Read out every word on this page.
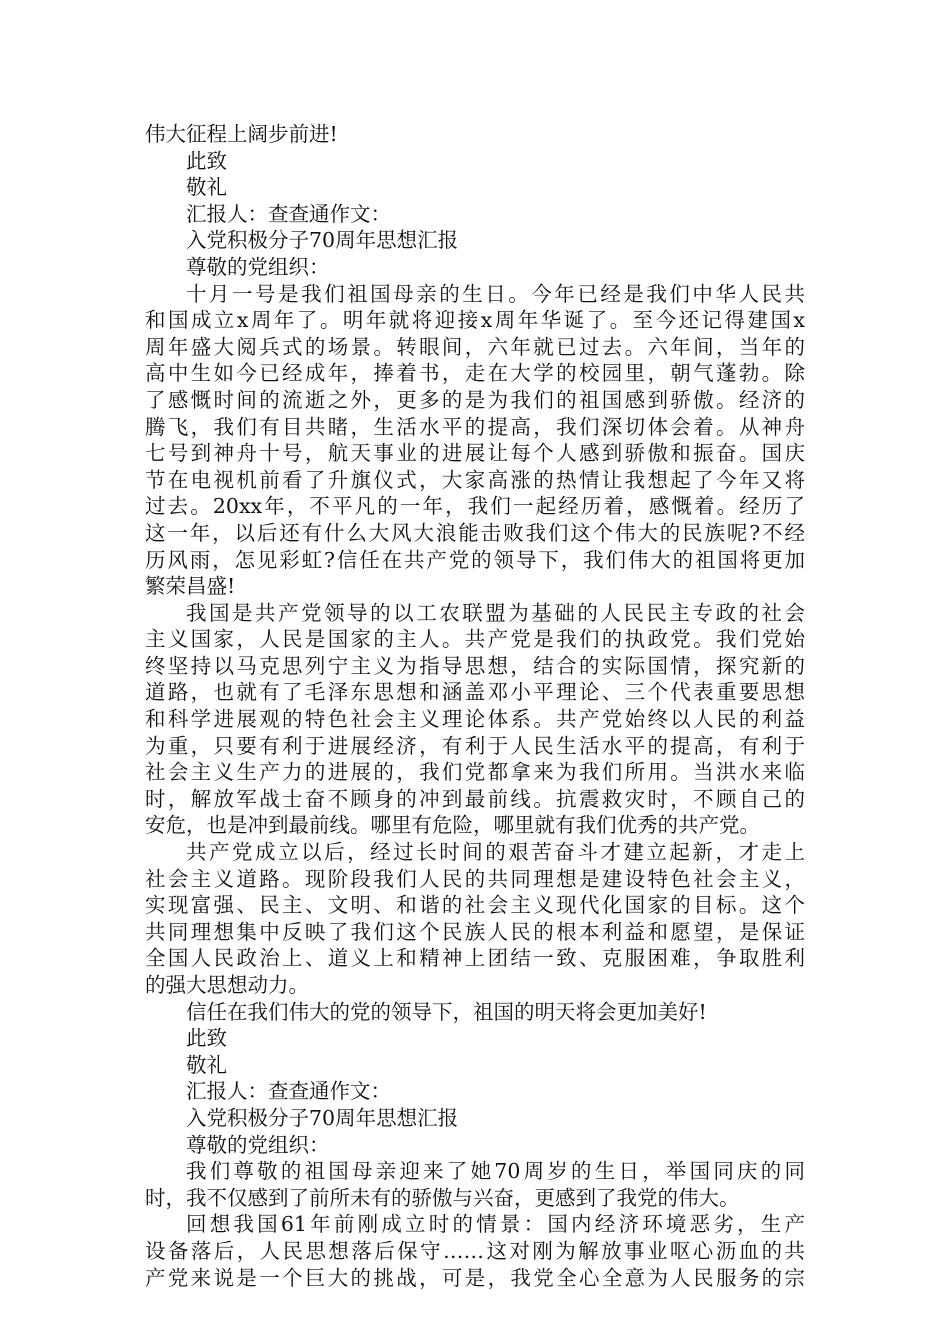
伟大征程上阔步前进!
此致
敬礼
汇报人：查查通作文：
入党积极分子70周年思想汇报
尊敬的党组织：
十月一号是我们祖国母亲的生日。今年已经是我们中华人民共
和国成立x周年了。明年就将迎接x周年华诞了。至今还记得建国x
周年盛大阅兵式的场景。转眼间，六年就已过去。六年间，当年的
高中生如今已经成年，捧着书，走在大学的校园里，朝气蓬勃。除
了感慨时间的流逝之外，更多的是为我们的祖国感到骄傲。经济的
腾飞，我们有目共睹，生活水平的提高，我们深切体会着。从神舟
七号到神舟十号，航天事业的进展让每个人感到骄傲和振奋。国庆
节在电视机前看了升旗仪式，大家高涨的热情让我想起了今年又将
过去。20xx年，不平凡的一年，我们一起经历着，感慨着。经历了
这一年，以后还有什么大风大浪能击败我们这个伟大的民族呢?不经
历风雨，怎见彩虹?信任在共产党的领导下，我们伟大的祖国将更加
繁荣昌盛!
我国是共产党领导的以工农联盟为基础的人民民主专政的社会
主义国家，人民是国家的主人。共产党是我们的执政党。我们党始
终坚持以马克思列宁主义为指导思想，结合的实际国情，探究新的
道路，也就有了毛泽东思想和涵盖邓小平理论、三个代表重要思想
和科学进展观的特色社会主义理论体系。共产党始终以人民的利益
为重，只要有利于进展经济，有利于人民生活水平的提高，有利于
社会主义生产力的进展的，我们党都拿来为我们所用。当洪水来临
时，解放军战士奋不顾身的冲到最前线。抗震救灾时，不顾自己的
安危，也是冲到最前线。哪里有危险，哪里就有我们优秀的共产党。
共产党成立以后，经过长时间的艰苦奋斗才建立起新，才走上
社会主义道路。现阶段我们人民的共同理想是建设特色社会主义，
实现富强、民主、文明、和谐的社会主义现代化国家的目标。这个
共同理想集中反映了我们这个民族人民的根本利益和愿望，是保证
全国人民政治上、道义上和精神上团结一致、克服困难，争取胜利
的强大思想动力。
信任在我们伟大的党的领导下，祖国的明天将会更加美好!
此致
敬礼
汇报人：查查通作文：
入党积极分子70周年思想汇报
尊敬的党组织：
我们尊敬的祖国母亲迎来了她70周岁的生日，举国同庆的同
时，我不仅感到了前所未有的骄傲与兴奋，更感到了我党的伟大。
回想我国61年前刚成立时的情景：国内经济环境恶劣，生产
设备落后，人民思想落后保守……这对刚为解放事业呕心沥血的共
产党来说是一个巨大的挑战，可是，我党全心全意为人民服务的宗
